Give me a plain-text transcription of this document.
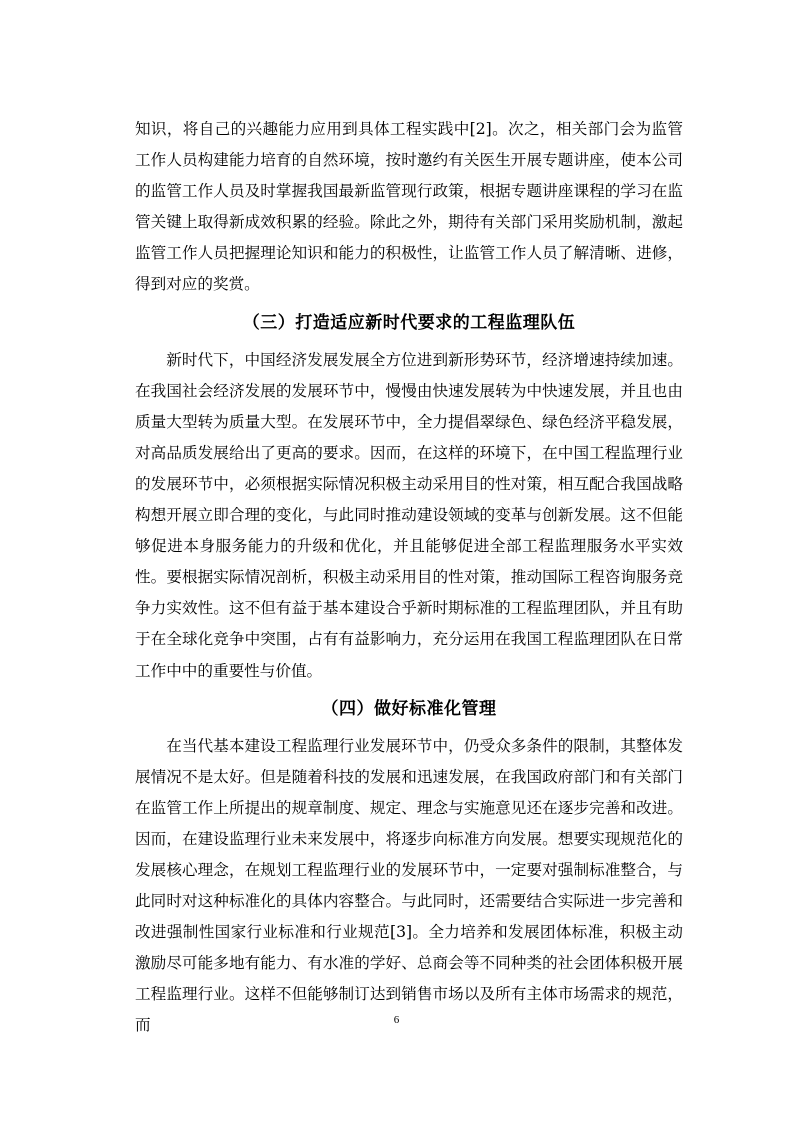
知识，将自己的兴趣能力应用到具体工程实践中[2]。次之，相关部门会为监管工作人员构建能力培育的自然环境，按时邀约有关医生开展专题讲座，使本公司的监管工作人员及时掌握我国最新监管现行政策，根据专题讲座课程的学习在监管关键上取得新成效积累的经验。除此之外，期待有关部门采用奖励机制，激起监管工作人员把握理论知识和能力的积极性，让监管工作人员了解清晰、进修，得到对应的奖赏。

（三）打造适应新时代要求的工程监理队伍

新时代下，中国经济发展发展全方位进到新形势环节，经济增速持续加速。在我国社会经济发展的发展环节中，慢慢由快速发展转为中快速发展，并且也由质量大型转为质量大型。在发展环节中，全力提倡翠绿色、绿色经济平稳发展，对高品质发展给出了更高的要求。因而，在这样的环境下，在中国工程监理行业的发展环节中，必须根据实际情况积极主动采用目的性对策，相互配合我国战略构想开展立即合理的变化，与此同时推动建设领域的变革与创新发展。这不但能够促进本身服务能力的升级和优化，并且能够促进全部工程监理服务水平实效性。要根据实际情况剖析，积极主动采用目的性对策，推动国际工程咨询服务竞争力实效性。这不但有益于基本建设合乎新时期标准的工程监理团队，并且有助于在全球化竞争中突围，占有有益影响力，充分运用在我国工程监理团队在日常工作中中的重要性与价值。

（四）做好标准化管理

在当代基本建设工程监理行业发展环节中，仍受众多条件的限制，其整体发展情况不是太好。但是随着科技的发展和迅速发展，在我国政府部门和有关部门在监管工作上所提出的规章制度、规定、理念与实施意见还在逐步完善和改进。因而，在建设监理行业未来发展中，将逐步向标准方向发展。想要实现规范化的发展核心理念，在规划工程监理行业的发展环节中，一定要对强制标准整合，与此同时对这种标准化的具体内容整合。与此同时，还需要结合实际进一步完善和改进强制性国家行业标准和行业规范[3]。全力培养和发展团体标准，积极主动激励尽可能多地有能力、有水准的学好、总商会等不同种类的社会团体积极开展工程监理行业。这样不但能够制订达到销售市场以及所有主体市场需求的规范，而	6
